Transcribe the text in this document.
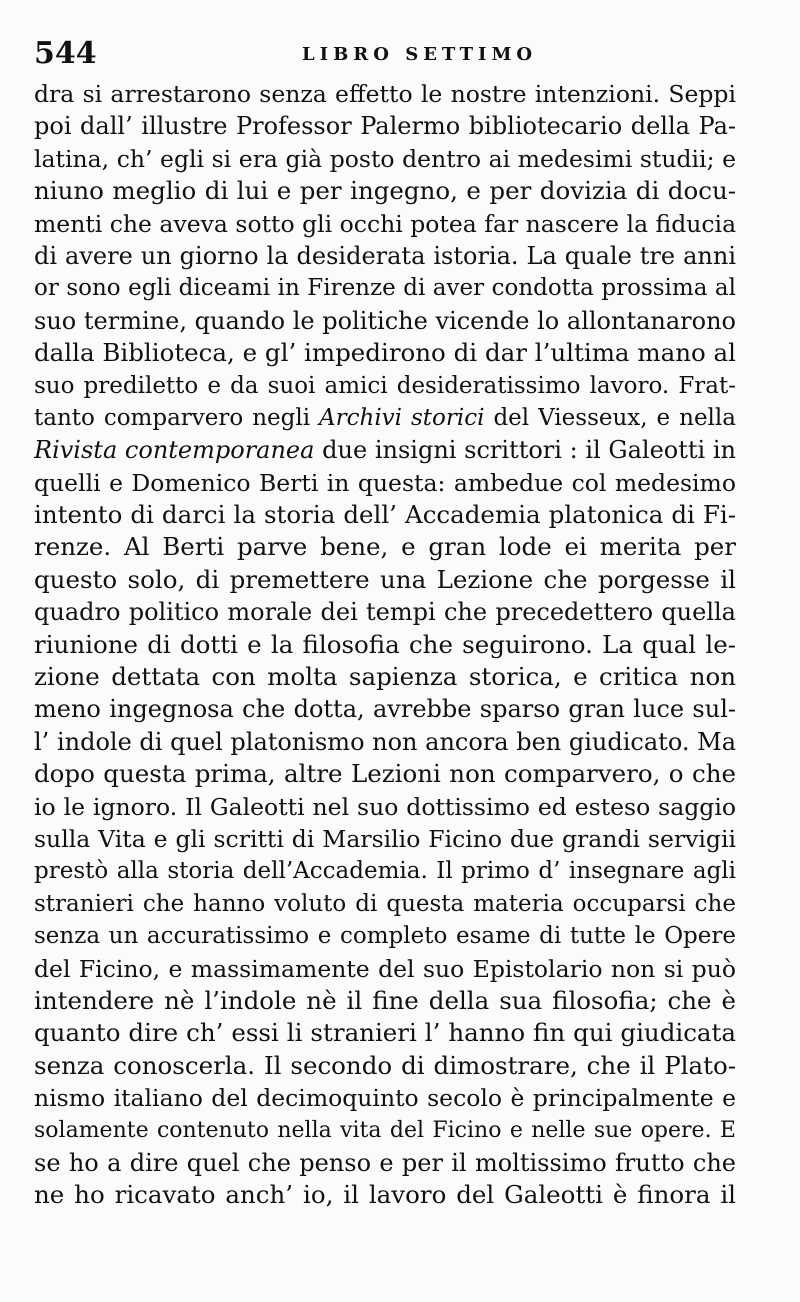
544	LIBRO SETTIMO
dra si arrestarono senza effetto le nostre intenzioni. Seppi
poi dall’ illustre Professor Palermo bibliotecario della Pa-
latina, ch’ egli si era già posto dentro ai medesimi studii; e
niuno meglio di lui e per ingegno, e per dovizia di docu-
menti che aveva sotto gli occhi potea far nascere la fiducia
di avere un giorno la desiderata istoria. La quale tre anni
or sono egli diceami in Firenze di aver condotta prossima al
suo termine, quando le politiche vicende lo allontanarono
dalla Biblioteca, e gl’ impedirono di dar l’ultima mano al
suo prediletto e da suoi amici desideratissimo lavoro. Frat-
tanto comparvero negli Archivi storici del Viesseux, e nella
Rivista contemporanea due insigni scrittori : il Galeotti in
quelli e Domenico Berti in questa: ambedue col medesimo
intento di darci la storia dell’ Accademia platonica di Fi-
renze. Al Berti parve bene, e gran lode ei merita per
questo solo, di premettere una Lezione che porgesse il
quadro politico morale dei tempi che precedettero quella
riunione di dotti e la filosofia che seguirono. La qual le-
zione dettata con molta sapienza storica, e critica non
meno ingegnosa che dotta, avrebbe sparso gran luce sul-
l’ indole di quel platonismo non ancora ben giudicato. Ma
dopo questa prima, altre Lezioni non comparvero, o che
io le ignoro. Il Galeotti nel suo dottissimo ed esteso saggio
sulla Vita e gli scritti di Marsilio Ficino due grandi servigii
prestò alla storia dell’Accademia. Il primo d’ insegnare agli
stranieri che hanno voluto di questa materia occuparsi che
senza un accuratissimo e completo esame di tutte le Opere
del Ficino, e massimamente del suo Epistolario non si può
intendere nè l’indole nè il fine della sua filosofia; che è
quanto dire ch’ essi li stranieri l’ hanno fin qui giudicata
senza conoscerla. Il secondo di dimostrare, che il Plato-
nismo italiano del decimoquinto secolo è principalmente e
solamente contenuto nella vita del Ficino e nelle sue opere. E
se ho a dire quel che penso e per il moltissimo frutto che
ne ho ricavato anch’ io, il lavoro del Galeotti è finora il
